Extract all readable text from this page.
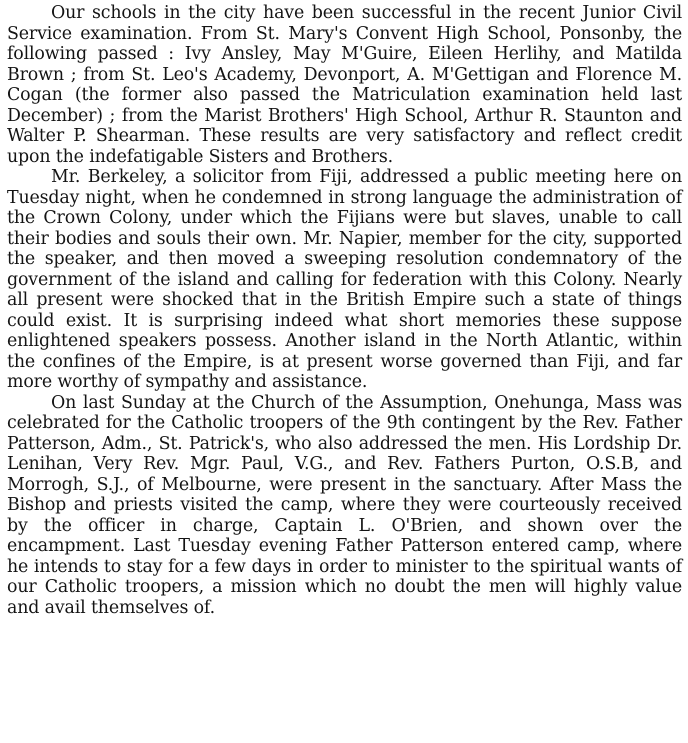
Our schools in the city have been successful in the recent Junior Civil Service examination. From St. Mary's Convent High School, Ponsonby, the following passed : Ivy Ansley, May M'Guire, Eileen Herlihy, and Matilda Brown ; from St. Leo's Academy, Devonport, A. M'Gettigan and Florence M. Cogan (the former also passed the Matriculation examination held last December) ; from the Marist Brothers' High School, Arthur R. Staunton and Walter P. Shearman. These results are very satisfactory and reflect credit upon the indefatigable Sisters and Brothers.

Mr. Berkeley, a solicitor from Fiji, addressed a public meeting here on Tuesday night, when he condemned in strong language the administration of the Crown Colony, under which the Fijians were but slaves, unable to call their bodies and souls their own. Mr. Napier, member for the city, supported the speaker, and then moved a sweeping resolution condemnatory of the government of the island and calling for federation with this Colony. Nearly all present were shocked that in the British Empire such a state of things could exist. It is surprising indeed what short memories these suppose enlightened speakers possess. Another island in the North Atlantic, within the confines of the Empire, is at present worse governed than Fiji, and far more worthy of sympathy and assistance.

On last Sunday at the Church of the Assumption, Onehunga, Mass was celebrated for the Catholic troopers of the 9th contingent by the Rev. Father Patterson, Adm., St. Patrick's, who also addressed the men. His Lordship Dr. Lenihan, Very Rev. Mgr. Paul, V.G., and Rev. Fathers Purton, O.S.B, and Morrogh, S.J., of Melbourne, were present in the sanctuary. After Mass the Bishop and priests visited the camp, where they were courteously received by the officer in charge, Captain L. O'Brien, and shown over the encampment. Last Tuesday evening Father Patterson entered camp, where he intends to stay for a few days in order to minister to the spiritual wants of our Catholic troopers, a mission which no doubt the men will highly value and avail themselves of.
